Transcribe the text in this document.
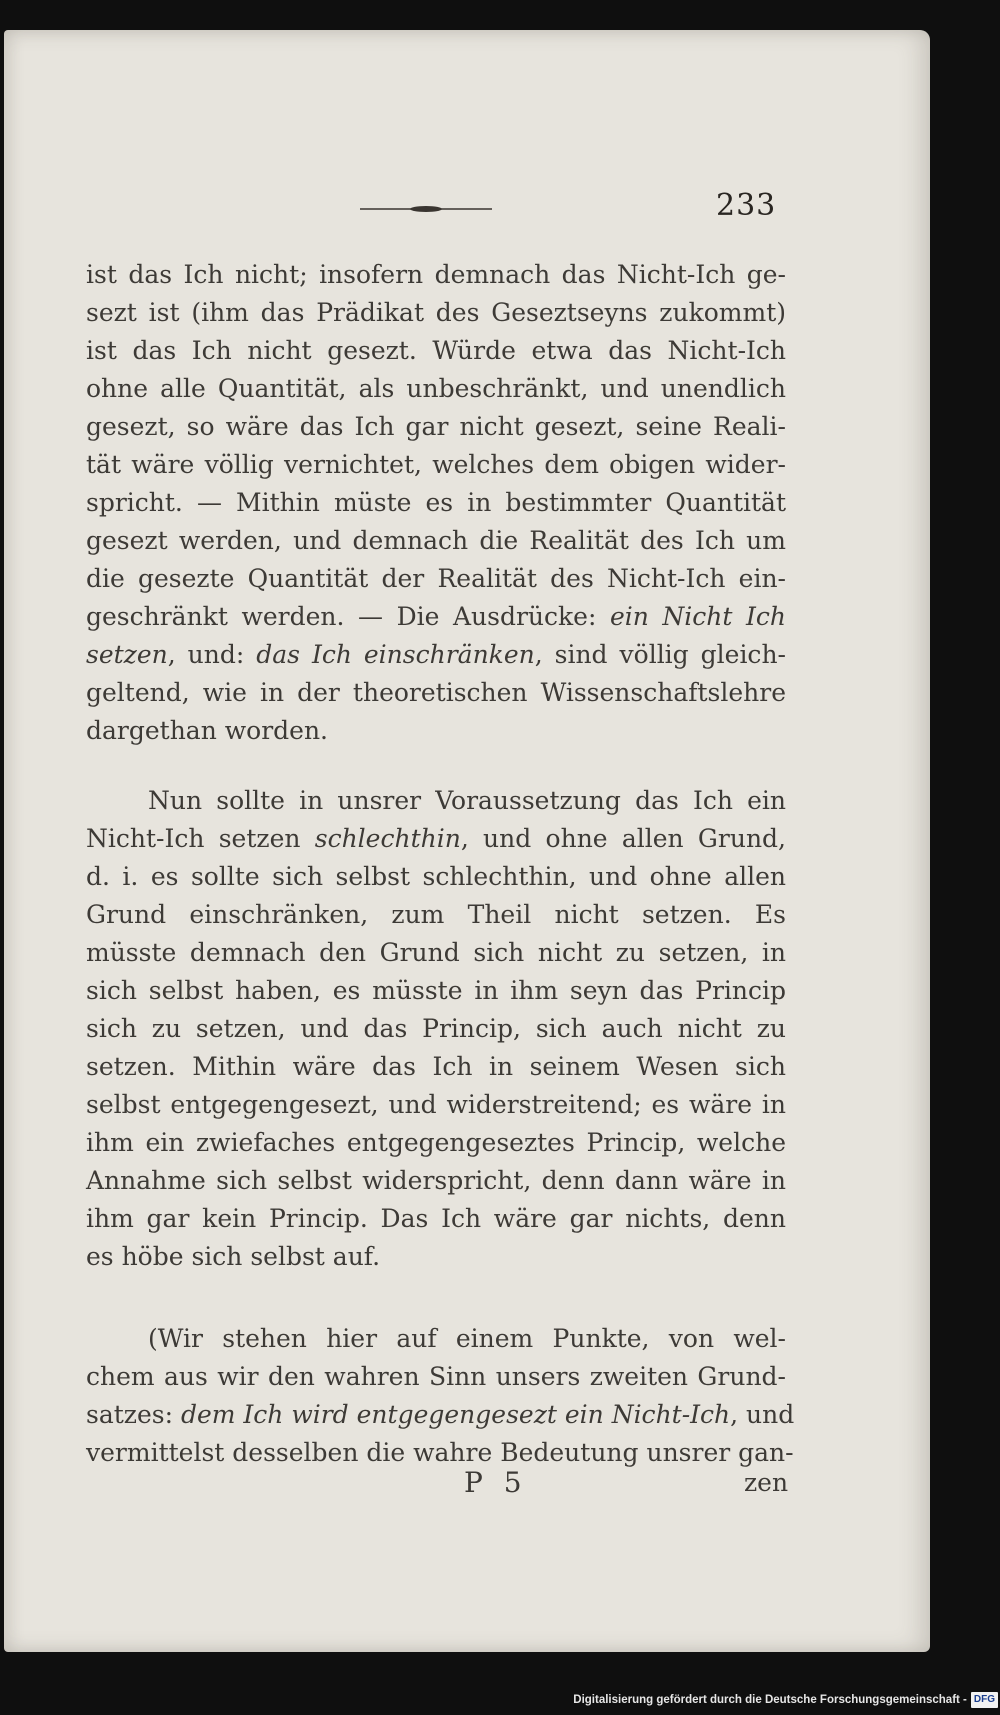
233
ist das Ich nicht; insofern demnach das Nicht-Ich ge-
sezt ist (ihm das Prädikat des Geseztseyns zukommt)
ist das Ich nicht gesezt. Würde etwa das Nicht-Ich
ohne alle Quantität, als unbeschränkt, und unendlich
gesezt, so wäre das Ich gar nicht gesezt, seine Reali-
tät wäre völlig vernichtet, welches dem obigen wider-
spricht. — Mithin müste es in bestimmter Quantität
gesezt werden, und demnach die Realität des Ich um
die gesezte Quantität der Realität des Nicht-Ich ein-
geschränkt werden. — Die Ausdrücke: ein Nicht Ich
setzen, und: das Ich einschränken, sind völlig gleich-
geltend, wie in der theoretischen Wissenschaftslehre
dargethan worden.
Nun sollte in unsrer Voraussetzung das Ich ein
Nicht-Ich setzen schlechthin, und ohne allen Grund,
d. i. es sollte sich selbst schlechthin, und ohne allen
Grund einschränken, zum Theil nicht setzen. Es
müsste demnach den Grund sich nicht zu setzen, in
sich selbst haben, es müsste in ihm seyn das Princip
sich zu setzen, und das Princip, sich auch nicht zu
setzen. Mithin wäre das Ich in seinem Wesen sich
selbst entgegengesezt, und widerstreitend; es wäre in
ihm ein zwiefaches entgegengeseztes Princip, welche
Annahme sich selbst widerspricht, denn dann wäre in
ihm gar kein Princip. Das Ich wäre gar nichts, denn
es höbe sich selbst auf.
(Wir stehen hier auf einem Punkte, von wel-
chem aus wir den wahren Sinn unsers zweiten Grund-
satzes: dem Ich wird entgegengesezt ein Nicht-Ich, und
vermittelst desselben die wahre Bedeutung unsrer gan-
P 5	zen
Digitalisierung gefördert durch die Deutsche Forschungsgemeinschaft - DFG
